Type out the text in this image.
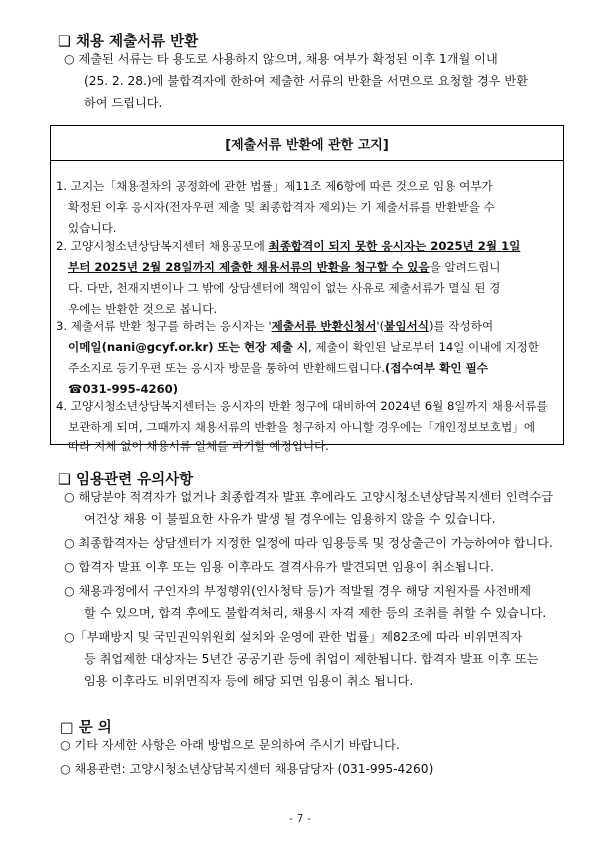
❑ 채용 제출서류 반환
○ 제출된 서류는 타 용도로 사용하지 않으며, 채용 여부가 확정된 이후 1개월 이내
(25. 2. 28.)에 불합격자에 한하여 제출한 서류의 반환을 서면으로 요청할 경우 반환
하여 드립니다.
[제출서류 반환에 관한 고지]
1. 고지는「채용절차의 공정화에 관한 법률」제11조 제6항에 따른 것으로 임용 여부가
확정된 이후 응시자(전자우편 제출 및 최종합격자 제외)는 기 제출서류를 반환받을 수
있습니다.
2. 고양시청소년상담복지센터 채용공모에 최종합격이 되지 못한 응시자는 2025년 2월 1일
부터 2025년 2월 28일까지 제출한 채용서류의 반환을 청구할 수 있음을 알려드립니
다. 다만, 천재지변이나 그 밖에 상담센터에 책임이 없는 사유로 제출서류가 멸실 된 경
우에는 반환한 것으로 봅니다.
3. 제출서류 반환 청구를 하려는 응시자는 '제출서류 반환신청서'(붙임서식)를 작성하여
이메일(nani@gcyf.or.kr) 또는 현장 제출 시, 제출이 확인된 날로부터 14일 이내에 지정한
주소지로 등기우편 또는 응시자 방문을 통하여 반환해드립니다.(접수여부 확인 필수
☎031-995-4260)
4. 고양시청소년상담복지센터는 응시자의 반환 청구에 대비하여 2024년 6월 8일까지 채용서류를
보관하게 되며, 그때까지 채용서류의 반환을 청구하지 아니할 경우에는「개인정보보호법」에
따라 지체 없이 채용서류 일체를 파기할 예정입니다.
❑ 임용관련 유의사항
○ 해당분야 적격자가 없거나 최종합격자 발표 후에라도 고양시청소년상담복지센터 인력수급
여건상 채용 이 불필요한 사유가 발생 될 경우에는 임용하지 않을 수 있습니다.
○ 최종합격자는 상담센터가 지정한 일정에 따라 임용등록 및 정상출근이 가능하여야 합니다.
○ 합격자 발표 이후 또는 임용 이후라도 결격사유가 발견되면 임용이 취소됩니다.
○ 채용과정에서 구인자의 부정행위(인사청탁 등)가 적발될 경우 해당 지원자를 사전배제
할 수 있으며, 합격 후에도 불합격처리, 채용시 자격 제한 등의 조취를 취할 수 있습니다.
○「부패방지 및 국민권익위원회 설치와 운영에 관한 법률」제82조에 따라 비위면직자
등 취업제한 대상자는 5년간 공공기관 등에 취업이 제한됩니다. 합격자 발표 이후 또는
임용 이후라도 비위면직자 등에 해당 되면 임용이 취소 됩니다.
□ 문 의
○ 기타 자세한 사항은 아래 방법으로 문의하여 주시기 바랍니다.
○ 채용관련: 고양시청소년상담복지센터 채용담당자 (031-995-4260)
- 7 -
